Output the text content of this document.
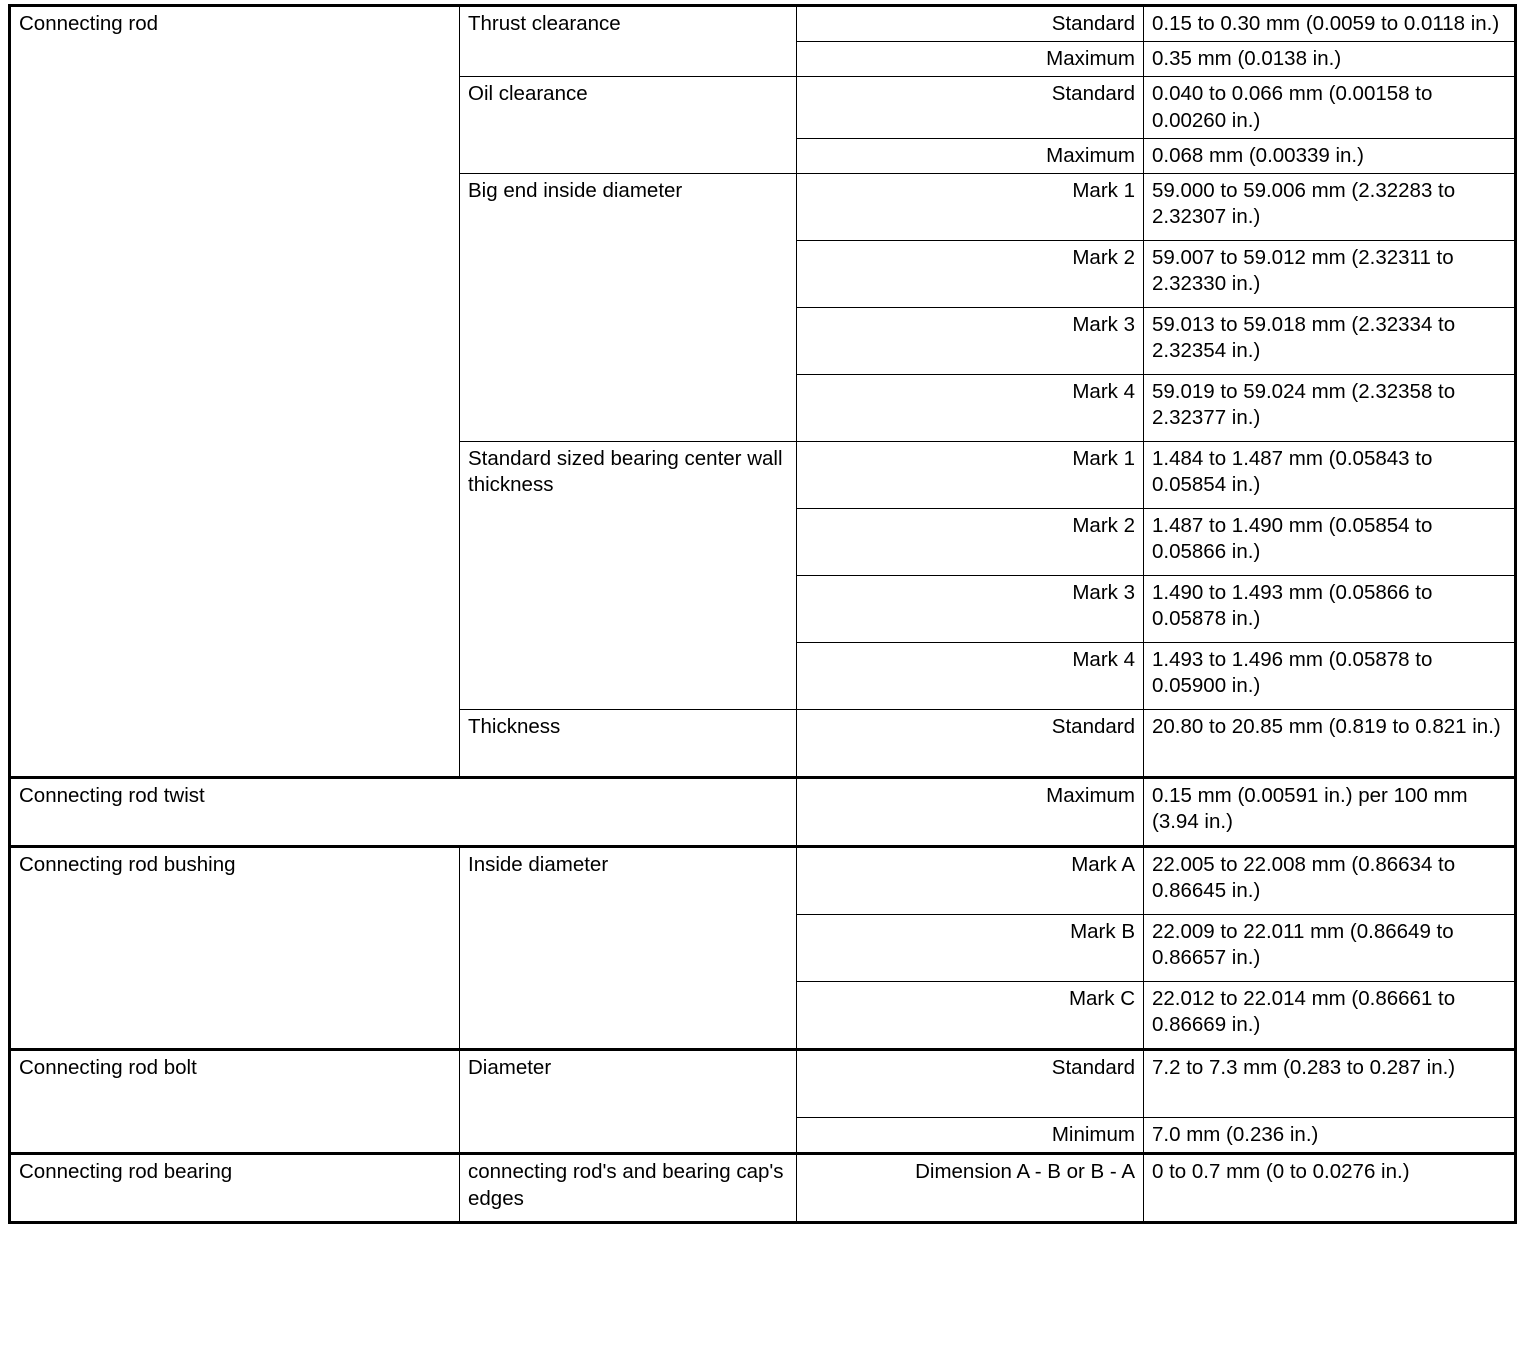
Connecting rod	Thrust clearance	Standard	0.15 to 0.30 mm (0.0059 to 0.0118 in.)
		Maximum	0.35 mm (0.0138 in.)
	Oil clearance	Standard	0.040 to 0.066 mm (0.00158 to 0.00260 in.)
		Maximum	0.068 mm (0.00339 in.)
	Big end inside diameter	Mark 1	59.000 to 59.006 mm (2.32283 to 2.32307 in.)
		Mark 2	59.007 to 59.012 mm (2.32311 to 2.32330 in.)
		Mark 3	59.013 to 59.018 mm (2.32334 to 2.32354 in.)
		Mark 4	59.019 to 59.024 mm (2.32358 to 2.32377 in.)
	Standard sized bearing center wall thickness	Mark 1	1.484 to 1.487 mm (0.05843 to 0.05854 in.)
		Mark 2	1.487 to 1.490 mm (0.05854 to 0.05866 in.)
		Mark 3	1.490 to 1.493 mm (0.05866 to 0.05878 in.)
		Mark 4	1.493 to 1.496 mm (0.05878 to 0.05900 in.)
	Thickness	Standard	20.80 to 20.85 mm (0.819 to 0.821 in.)
Connecting rod twist		Maximum	0.15 mm (0.00591 in.) per 100 mm (3.94 in.)
Connecting rod bushing	Inside diameter	Mark A	22.005 to 22.008 mm (0.86634 to 0.86645 in.)
		Mark B	22.009 to 22.011 mm (0.86649 to 0.86657 in.)
		Mark C	22.012 to 22.014 mm (0.86661 to 0.86669 in.)
Connecting rod bolt	Diameter	Standard	7.2 to 7.3 mm (0.283 to 0.287 in.)
		Minimum	7.0 mm (0.236 in.)
Connecting rod bearing	connecting rod's and bearing cap's edges	Dimension A - B or B - A	0 to 0.7 mm (0 to 0.0276 in.)
